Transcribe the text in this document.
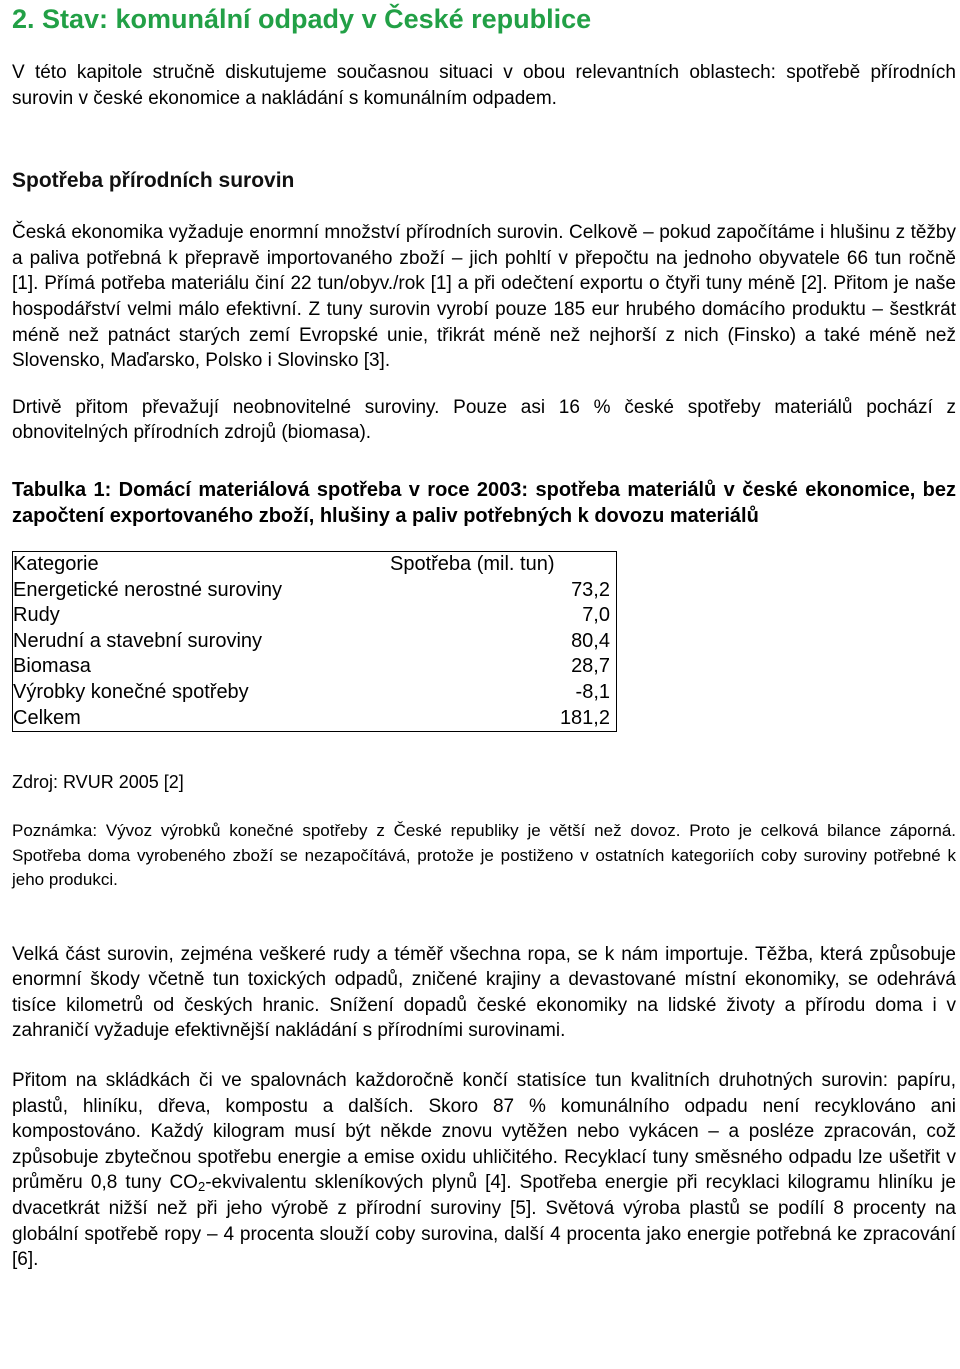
2. Stav: komunální odpady v České republice

V této kapitole stručně diskutujeme současnou situaci v obou relevantních oblastech: spotřebě přírodních surovin v české ekonomice a nakládání s komunálním odpadem.

Spotřeba přírodních surovin

Česká ekonomika vyžaduje enormní množství přírodních surovin. Celkově – pokud započítáme i hlušinu z těžby a paliva potřebná k přepravě importovaného zboží – jich pohltí v přepočtu na jednoho obyvatele 66 tun ročně [1]. Přímá potřeba materiálu činí 22 tun/obyv./rok [1] a při odečtení exportu o čtyři tuny méně [2]. Přitom je naše hospodářství velmi málo efektivní. Z tuny surovin vyrobí pouze 185 eur hrubého domácího produktu – šestkrát méně než patnáct starých zemí Evropské unie, třikrát méně než nejhorší z nich (Finsko) a také méně než Slovensko, Maďarsko, Polsko i Slovinsko [3].

Drtivě přitom převažují neobnovitelné suroviny. Pouze asi 16 % české spotřeby materiálů pochází z obnovitelných přírodních zdrojů (biomasa).

Tabulka 1: Domácí materiálová spotřeba v roce 2003: spotřeba materiálů v české ekonomice, bez započtení exportovaného zboží, hlušiny a paliv potřebných k dovozu materiálů
Kategorie	Spotřeba (mil. tun)
Energetické nerostné suroviny	73,2
Rudy	7,0
Nerudní a stavební suroviny	80,4
Biomasa	28,7
Výrobky konečné spotřeby	-8,1
Celkem	181,2
Zdroj: RVUR 2005 [2]
Poznámka: Vývoz výrobků konečné spotřeby z České republiky je větší než dovoz. Proto je celková bilance záporná. Spotřeba doma vyrobeného zboží se nezapočítává, protože je postiženo v ostatních kategoriích coby suroviny potřebné k jeho produkci.

Velká část surovin, zejména veškeré rudy a téměř všechna ropa, se k nám importuje. Těžba, která způsobuje enormní škody včetně tun toxických odpadů, zničené krajiny a devastované místní ekonomiky, se odehrává tisíce kilometrů od českých hranic. Snížení dopadů české ekonomiky na lidské životy a přírodu doma i v zahraničí vyžaduje efektivnější nakládání s přírodními surovinami.

Přitom na skládkách či ve spalovnách každoročně končí statisíce tun kvalitních druhotných surovin: papíru, plastů, hliníku, dřeva, kompostu a dalších. Skoro 87 % komunálního odpadu není recyklováno ani kompostováno. Každý kilogram musí být někde znovu vytěžen nebo vykácen – a posléze zpracován, což způsobuje zbytečnou spotřebu energie a emise oxidu uhličitého. Recyklací tuny směsného odpadu lze ušetřit v průměru 0,8 tuny $CO_2$-ekvivalentu skleníkových plynů [4]. Spotřeba energie při recyklaci kilogramu hliníku je dvacetkrát nižší než při jeho výrobě z přírodní suroviny [5]. Světová výroba plastů se podílí 8 procenty na globální spotřebě ropy – 4 procenta slouží coby surovina, další 4 procenta jako energie potřebná ke zpracování [6].
